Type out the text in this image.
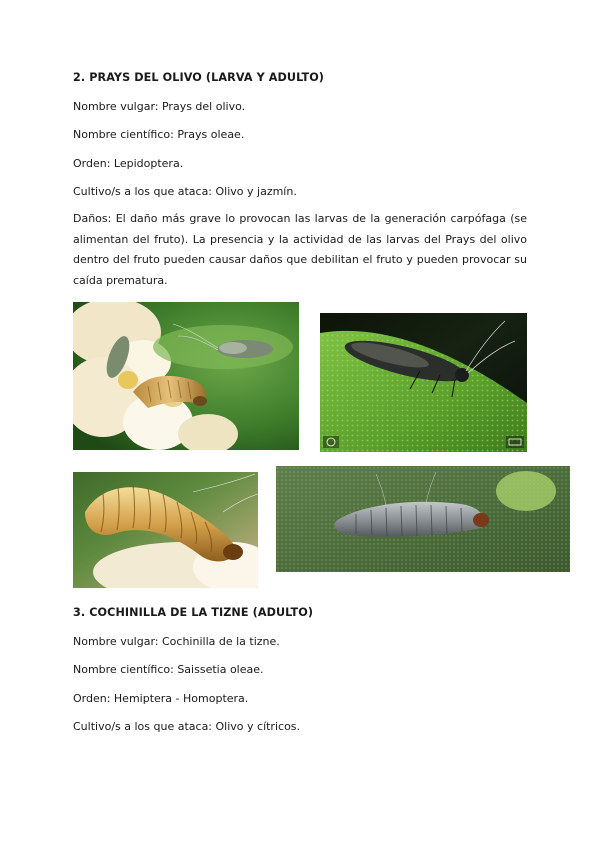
2. PRAYS DEL OLIVO (LARVA Y ADULTO)
Nombre vulgar: Prays del olivo.
Nombre científico: Prays oleae.
Orden: Lepidoptera.
Cultivo/s a los que ataca: Olivo y jazmín.
Daños: El daño más grave lo provocan las larvas de la generación carpófaga (se alimentan del fruto). La presencia y la actividad de las larvas del Prays del olivo dentro del fruto pueden causar daños que debilitan el fruto y pueden provocar su caída prematura.
3. COCHINILLA DE LA TIZNE (ADULTO)
Nombre vulgar: Cochinilla de la tizne.
Nombre científico: Saissetia oleae.
Orden: Hemiptera - Homoptera.
Cultivo/s a los que ataca: Olivo y cítricos.
